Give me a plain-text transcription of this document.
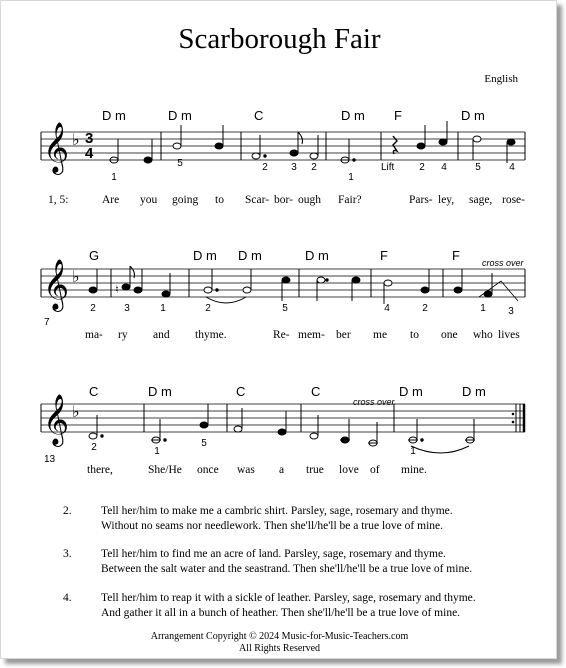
Scarborough Fair
English
D m	D m	C	D m F	D m
𝄞 ♭ 3
4
1
5	2 3 2
1
2 4	5	4
Lift
1, 5:	Are you going to Scar- bor- ough Fair?	Pars- ley, sage, rose-
G	D m D m	D m	F	F cross over
𝄞 ♭
7
♮
2	3	1	2	5	4	2	1 3
ma- ry and thyme.	Re- mem- ber me to one who lives
C	D m	C	C	D m	D m
cross over
𝄞 ♭
13
2	1
5
1
there,	She/He once was a true love of mine.
2.	Tell her/him to make me a cambric shirt. Parsley, sage, rosemary and thyme.
Without no seams nor needlework. Then she'll/he'll be a true love of mine.
3.	Tell her/him to find me an acre of land. Parsley, sage, rosemary and thyme.
Between the salt water and the seastrand. Then she'll/he'll be a true love of mine.
4.	Tell her/him to reap it with a sickle of leather. Parsley, sage, rosemary and thyme.
And gather it all in a bunch of heather. Then she'll/he'll be a true love of mine.
Arrangement Copyright © 2024 Music-for-Music-Teachers.com
All Rights Reserved
